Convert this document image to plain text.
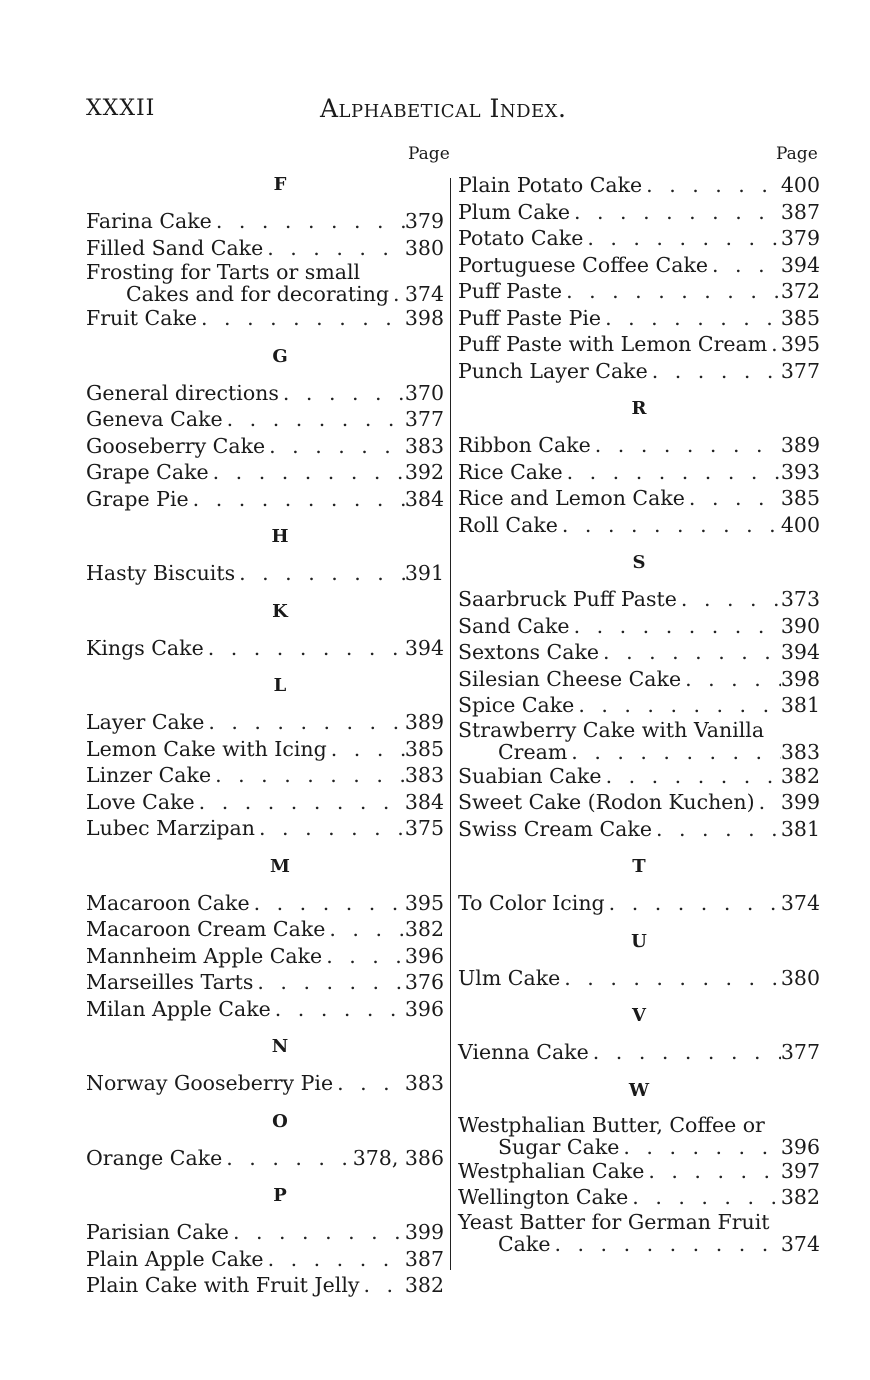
XXXII	Alphabetical Index.
Page	Page
F
Farina Cake . . .	379
Filled Sand Cake . . .	380
Frosting for Tarts or small
Cakes and for decorating . . . 374
Fruit Cake . . .	398
G
General directions . . .	370
Geneva Cake . . .	377
Gooseberry Cake . . .	383
Grape Cake . . .	392
Grape Pie . . .	384
H
Hasty Biscuits . . .	391
K
Kings Cake . . .	394
L
Layer Cake . . .	389
Lemon Cake with Icing . . .	385
Linzer Cake . . .	383
Love Cake . . .	384
Lubec Marzipan . . .	375
M
Macaroon Cake . . .	395
Macaroon Cream Cake . . .	382
Mannheim Apple Cake . . .	396
Marseilles Tarts . . .	376
Milan Apple Cake . . .	396
N
Norway Gooseberry Pie . . .	383
O
Orange Cake . . .	378, 386
P
Parisian Cake . . .	399
Plain Apple Cake . . .	387
Plain Cake with Fruit Jelly . . . 382
Plain Potato Cake . . .	400
Plum Cake . . .	387
Potato Cake . . .	379
Portuguese Coffee Cake . . .	394
Puff Paste . . .	372
Puff Paste Pie . . .	385
Puff Paste with Lemon Cream . . . 395
Punch Layer Cake . . .	377
R
Ribbon Cake . . .	389
Rice Cake . . .	393
Rice and Lemon Cake . . .	385
Roll Cake . . .	400
S
Saarbruck Puff Paste . . .	373
Sand Cake . . .	390
Sextons Cake . . .	394
Silesian Cheese Cake . . .	398
Spice Cake . . .	381
Strawberry Cake with Vanilla
Cream . . .	383
Suabian Cake . . .	382
Sweet Cake (Rodon Kuchen) . . . 399
Swiss Cream Cake . . .	381
T
To Color Icing . . .	374
U
Ulm Cake . . .	380
V
Vienna Cake . . .	377
W
Westphalian Butter, Coffee or
Sugar Cake . . .	396
Westphalian Cake . . .	397
Wellington Cake . . .	382
Yeast Batter for German Fruit
Cake . . .	374
